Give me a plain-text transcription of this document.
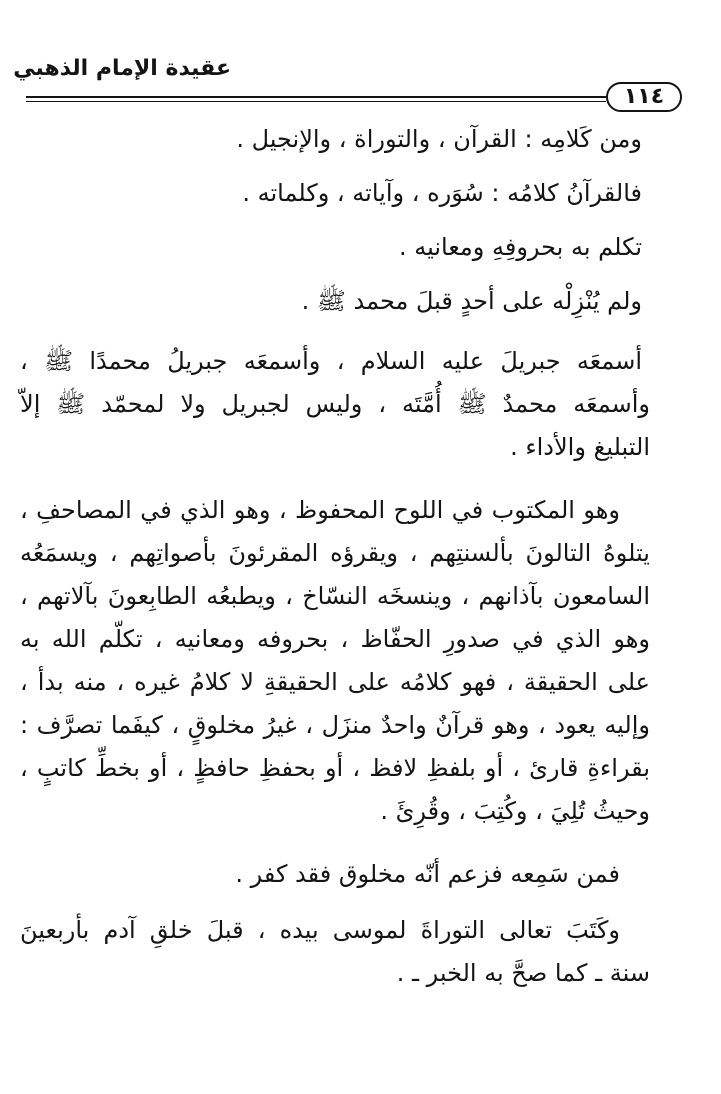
عقيدة الإمام الذهبي
١١٤
ومن كَلامِه : القرآن ، والتوراة ، والإنجيل .
فالقرآنُ كلامُه : سُوَره ، وآياته ، وكلماته .
تكلم به بحروفِهِ ومعانيه .
ولم يُنْزِلْه على أحدٍ قبلَ محمد ﷺ .
أسمعَه جبريلَ عليه السلام ، وأسمعَه جبريلُ محمدًا ﷺ ،
وأسمعَه محمدٌ ﷺ أُمَّتَه ، وليس لجبريل ولا لمحمّد ﷺ إلاّ
التبليغ والأداء .
وهو المكتوب في اللوح المحفوظ ، وهو الذي في المصاحفِ ،
يتلوهُ التالونَ بألسنتِهم ، ويقرؤه المقرئونَ بأصواتِهم ، ويسمَعُه
السامعون بآذانهم ، وينسخَه النسّاخ ، ويطبعُه الطابِعونَ بآلاتهم ،
وهو الذي في صدورِ الحفّاظ ، بحروفه ومعانيه ، تكلّم الله به
على الحقيقة ، فهو كلامُه على الحقيقةِ لا كلامُ غيره ، منه بدأ ،
وإليه يعود ، وهو قرآنٌ واحدٌ منزَل ، غيرُ مخلوقٍ ، كيفَما تصرَّف :
بقراءةِ قارئ ، أو بلفظِ لافظ ، أو بحفظِ حافظٍ ، أو بخطِّ كاتبٍ ،
وحيثُ تُلِيَ ، وكُتِبَ ، وقُرِئَ .
فمن سَمِعه فزعم أنّه مخلوق فقد كفر .
وكَتَبَ تعالى التوراةَ لموسى بيده ، قبلَ خلقِ آدم بأربعينَ
سنة ـ كما صحَّ به الخبر ـ .
